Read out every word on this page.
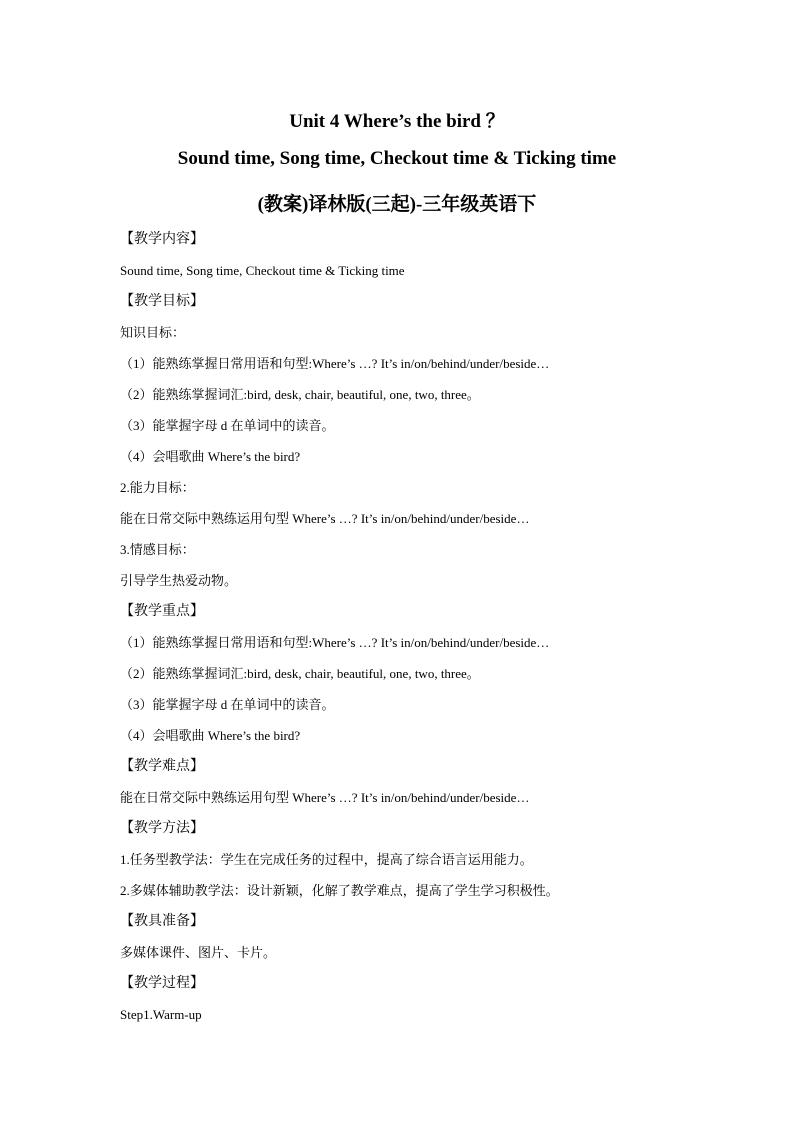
Unit 4 Where’s the bird ？
Sound time, Song time, Checkout time & Ticking time
(教案)译林版(三起)-三年级英语下
【教学内容】
Sound time, Song time, Checkout time & Ticking time
【教学目标】
知识目标：
（1）能熟练掌握日常用语和句型:Where’s …? It’s in/on/behind/under/beside…
（2）能熟练掌握词汇:bird, desk, chair, beautiful, one, two, three。
（3）能掌握字母 d 在单词中的读音。
（4）会唱歌曲 Where’s the bird?
2.能力目标：
能在日常交际中熟练运用句型 Where’s …? It’s in/on/behind/under/beside…
3.情感目标：
引导学生热爱动物。
【教学重点】
（1）能熟练掌握日常用语和句型:Where’s …? It’s in/on/behind/under/beside…
（2）能熟练掌握词汇:bird, desk, chair, beautiful, one, two, three。
（3）能掌握字母 d 在单词中的读音。
（4）会唱歌曲 Where’s the bird?
【教学难点】
能在日常交际中熟练运用句型 Where’s …? It’s in/on/behind/under/beside…
【教学方法】
1.任务型教学法：学生在完成任务的过程中，提高了综合语言运用能力。
2.多媒体辅助教学法：设计新颖，化解了教学难点，提高了学生学习积极性。
【教具准备】
多媒体课件、图片、卡片。
【教学过程】
Step1.Warm-up
